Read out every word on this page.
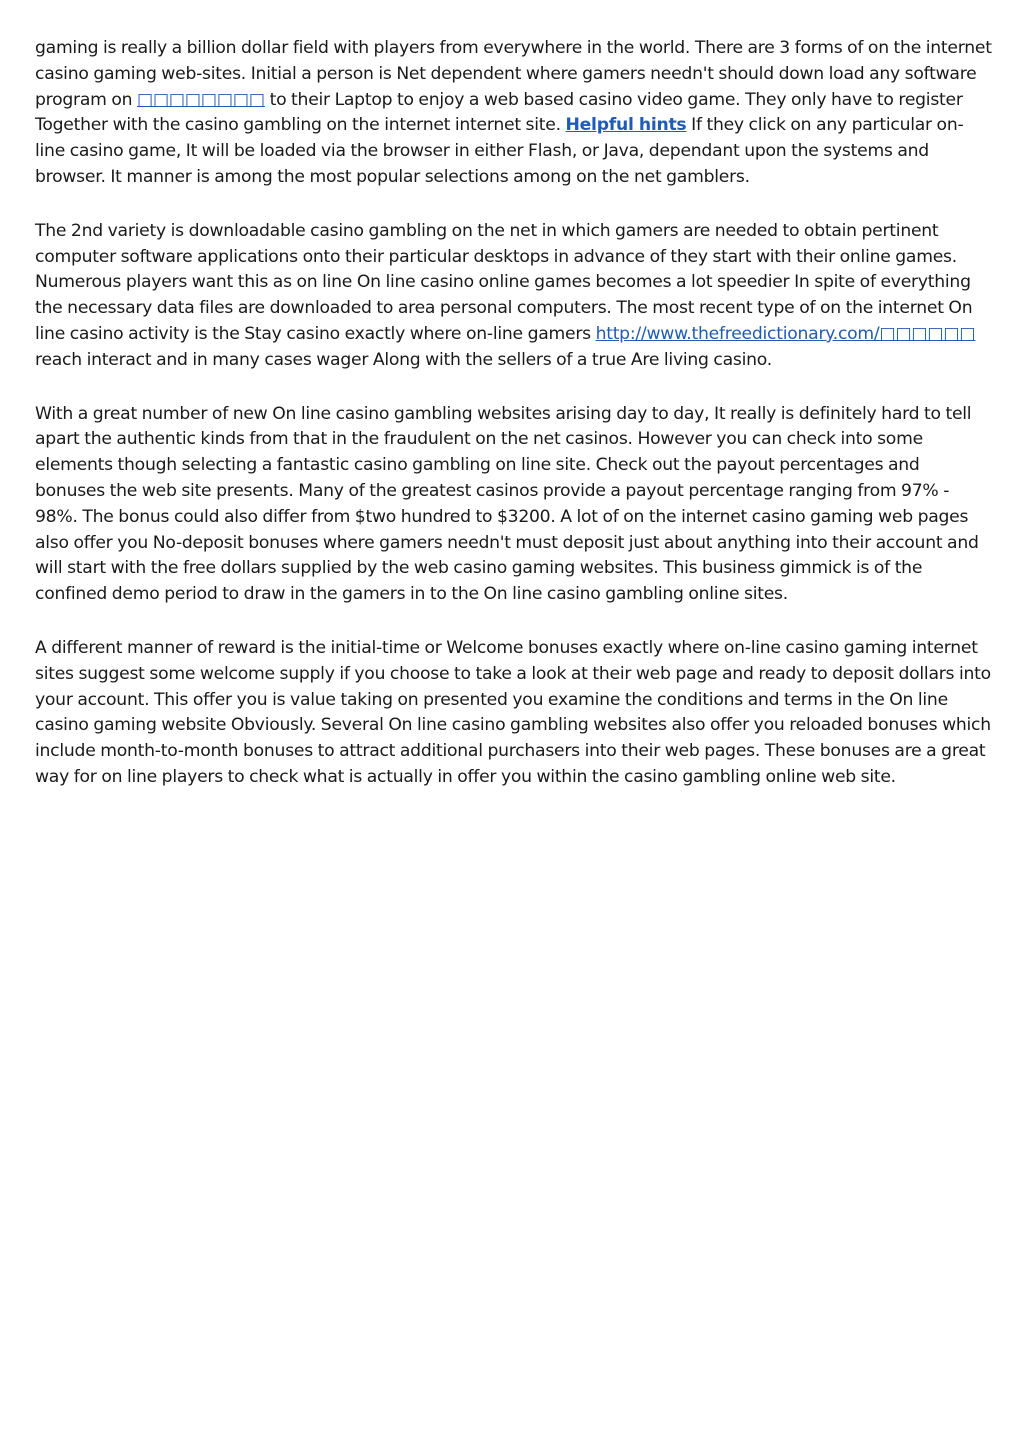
gaming is really a billion dollar field with players from everywhere in the world. There are 3 forms of on the internet casino gaming web-sites. Initial a person is Net dependent where gamers needn't should down load any software program on □□□□□□□□ to their Laptop to enjoy a web based casino video game. They only have to register Together with the casino gambling on the internet internet site. Helpful hints If they click on any particular on-line casino game, It will be loaded via the browser in either Flash, or Java, dependant upon the systems and browser. It manner is among the most popular selections among on the net gamblers.

The 2nd variety is downloadable casino gambling on the net in which gamers are needed to obtain pertinent computer software applications onto their particular desktops in advance of they start with their online games. Numerous players want this as on line On line casino online games becomes a lot speedier In spite of everything the necessary data files are downloaded to area personal computers. The most recent type of on the internet On line casino activity is the Stay casino exactly where on-line gamers http://www.thefreedictionary.com/□□□□□□ reach interact and in many cases wager Along with the sellers of a true Are living casino.

With a great number of new On line casino gambling websites arising day to day, It really is definitely hard to tell apart the authentic kinds from that in the fraudulent on the net casinos. However you can check into some elements though selecting a fantastic casino gambling on line site. Check out the payout percentages and bonuses the web site presents. Many of the greatest casinos provide a payout percentage ranging from 97% - 98%. The bonus could also differ from $two hundred to $3200. A lot of on the internet casino gaming web pages also offer you No-deposit bonuses where gamers needn't must deposit just about anything into their account and will start with the free dollars supplied by the web casino gaming websites. This business gimmick is of the confined demo period to draw in the gamers in to the On line casino gambling online sites.

A different manner of reward is the initial-time or Welcome bonuses exactly where on-line casino gaming internet sites suggest some welcome supply if you choose to take a look at their web page and ready to deposit dollars into your account. This offer you is value taking on presented you examine the conditions and terms in the On line casino gaming website Obviously. Several On line casino gambling websites also offer you reloaded bonuses which include month-to-month bonuses to attract additional purchasers into their web pages. These bonuses are a great way for on line players to check what is actually in offer you within the casino gambling online web site.
